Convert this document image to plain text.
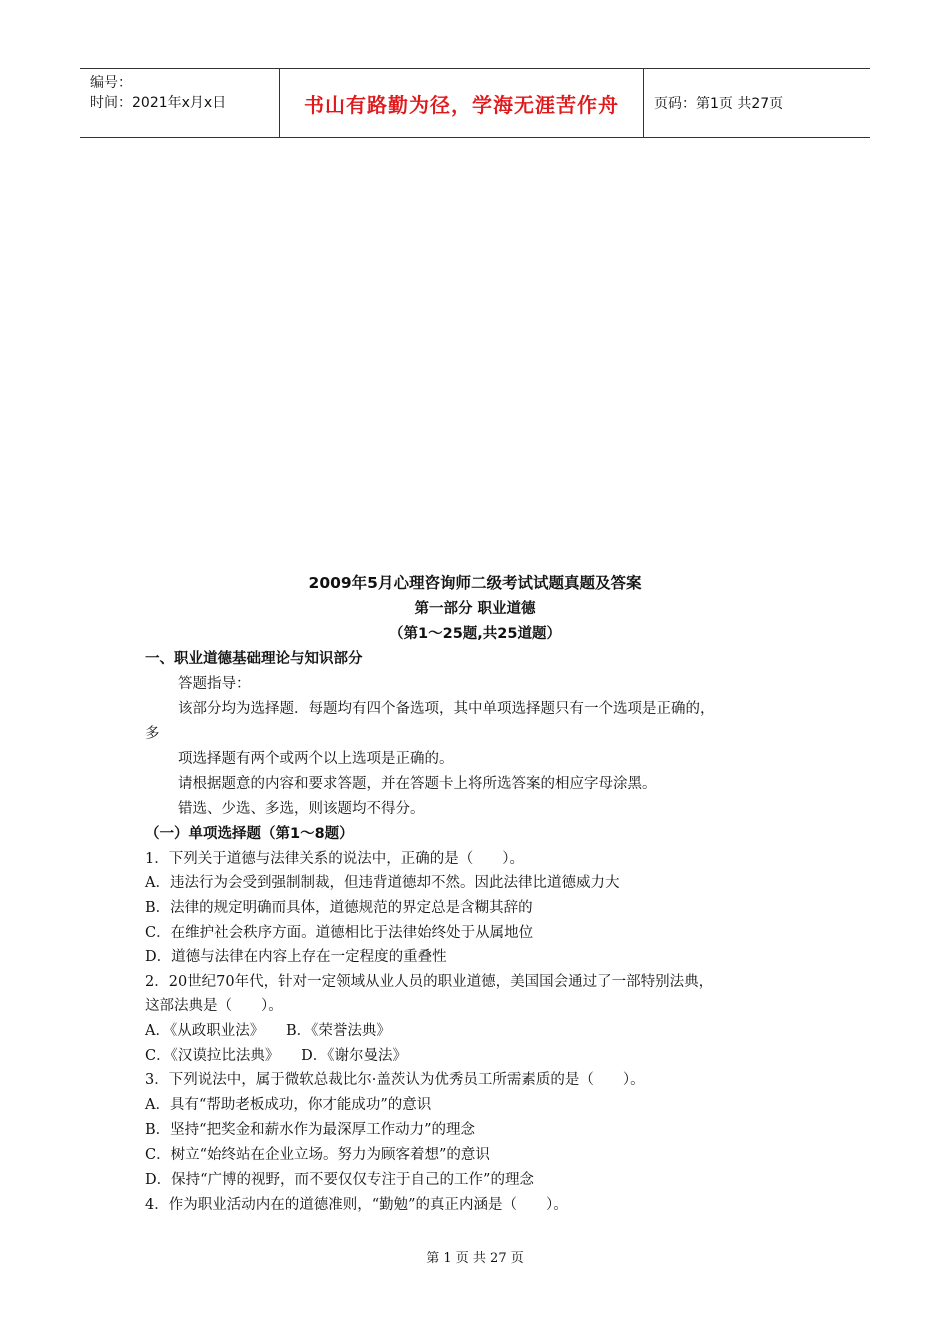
编号：
时间：2021年x月x日	书山有路勤为径，学海无涯苦作舟	页码：第1页 共27页
2009年5月心理咨询师二级考试试题真题及答案
第一部分 职业道德
（第1～25题,共25道题）
一、职业道德基础理论与知识部分
答题指导：
该部分均为选择题．每题均有四个备选项，其中单项选择题只有一个选项是正确的，
多
项选择题有两个或两个以上选项是正确的。
请根据题意的内容和要求答题，并在答题卡上将所选答案的相应字母涂黑。
错选、少选、多选，则该题均不得分。
（一）单项选择题（第1～8题）
1．下列关于道德与法律关系的说法中，正确的是（　　）。
A．违法行为会受到强制制裁，但违背道德却不然。因此法律比道德威力大
B．法律的规定明确而具体，道德规范的界定总是含糊其辞的
C．在维护社会秩序方面。道德相比于法律始终处于从属地位
D．道德与法律在内容上存在一定程度的重叠性
2．20世纪70年代，针对一定领域从业人员的职业道德，美国国会通过了一部特别法典，
这部法典是（　　）。
A．《从政职业法》　　B．《荣誉法典》
C．《汉谟拉比法典》　　D．《谢尔曼法》
3．下列说法中，属于微软总裁比尔·盖茨认为优秀员工所需素质的是（　　）。
A．具有“帮助老板成功，你才能成功”的意识
B．坚持“把奖金和薪水作为最深厚工作动力”的理念
C．树立“始终站在企业立场。努力为顾客着想”的意识
D．保持“广博的视野，而不要仅仅专注于自己的工作”的理念
4．作为职业活动内在的道德准则，“勤勉”的真正内涵是（　　）。
第 1 页 共 27 页
